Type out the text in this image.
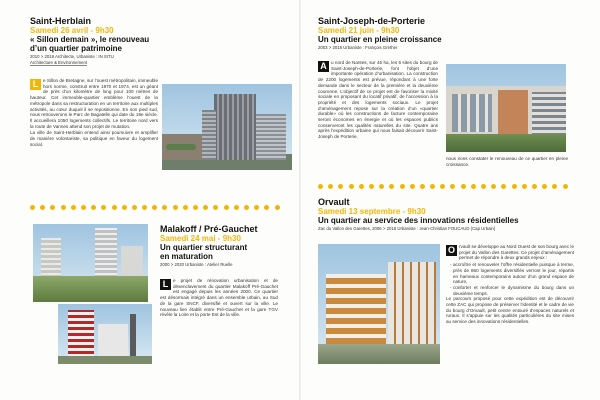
Saint-Herblain
Samedi 26 avril - 9h30
« Sillon demain », le renouveau
d’un quartier patrimoine
2010 > 2019 Architecte, Urbaniste : IN SITU
Architecture & Environnement
L	e Sillon de Bretagne, sur l’ouest métropolitain, immeuble hors norme, construit entre 1970 et 1974, est un géant de près d’un kilomètre de long pour 100 mètres de hauteur. Cet immeuble-quartier emblème l’ouest de la métropole dans sa restructuration en un territoire aux multiples activités, au cœur duquel il se repositionne. En son pied sud, nous retrouverons le Parc de Bagatelle qui date du 18e siècle. Il accueillera 1050 logements collectifs. Le territoire nord vers la route de Vannes attend son projet de mutation.

La ville de Saint-Herblain entend ainsi poursuivre et amplifier de manière volontariste, sa politique en faveur du logement social.

Saint-Joseph-de-Porterie
Samedi 21 juin - 9h30
Un quartier en pleine croissance
2003 > 2018 Urbaniste : François Grether
A u nord de Nantes, sur 45 ha, les 5 sites du bourg de Saint-Joseph-de-Porterie, font l’objet d’une importante opération d’urbanisation. La construction de 2200 logements est prévue, répondant à une forte demande dans le secteur de la première et la deuxième couronne. L’objectif de ce projet est de favoriser la mixité sociale en proposant du locatif privatif, de l’accession à la propriété et des logements sociaux. Le projet d’aménagement repose sur la création d’un «quartier durable» où les constructions de facture contemporaine seront économes en énergie et où les espaces publics conserveront les qualités naturelles du site. Quatre ans après l’expédition urbaine qui nous faisait découvrir Saint-Joseph de Porterie,

nous irons constater le renouveau de ce quartier en pleine croissance.

Malakoff / Pré-Gauchet
Samedi 24 mai - 9h30
Un quartier structurant
en maturation
2000 > 2020 Urbaniste : Atelier Ruelle
L	e projet de rénovation urbanisation et de désenclavement du quartier Malakoff Pré-Gauchet est engagé depuis les années 2000. Ce quartier est désormais intégré dans un ensemble urbain, au Sud de la gare SNCF, diversifié et ouvert sur la ville. Le nouveau lien établit entre Pré-Gauchet et la gare TGV révèle la Loire et la porte Est de la ville.

Orvault
Samedi 13 septembre - 9h30
Un quartier au service des innovations résidentielles
Zac du Vallon des Garettes, 2006 > 2018 Urbaniste : Jean-Christian FOUCAUD (Cap Urbain)
O rvault se développe au Nord Ouest de son bourg avec le projet du Vallon des Garettes. Ce projet d’aménagement permet de répondre à deux grands enjeux :

- accroître et renouveler l’offre résidentielle puisque à terme, près de 860 logements diversifiés verront le jour, répartis en hameaux contemporains autour d’un grand espace de nature,
- conforter et renforcer le dynamisme du bourg dans un deuxième temps.

Le parcours proposé pour cette expédition est de découvrir cette ZAC qui propose de préserver l’identité et le cadre de vie du bourg d’Orvault, petit centre entouré d’espaces naturels et ruraux. Il s’appuie sur les qualités particulières du site mises au service des innovations résidentielles.
